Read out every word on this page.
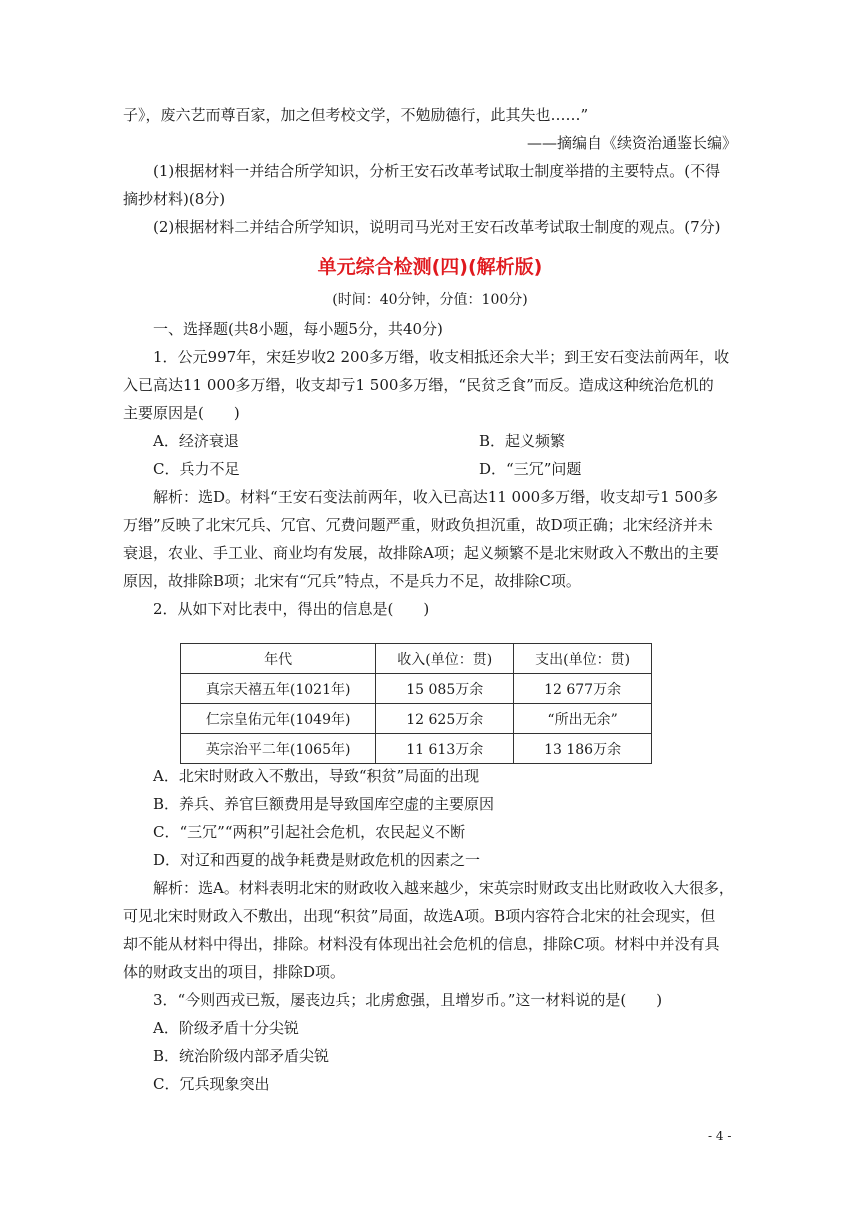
子》，废六艺而尊百家，加之但考校文学，不勉励德行，此其失也……”
——摘编自《续资治通鉴长编》
(1)根据材料一并结合所学知识，分析王安石改革考试取士制度举措的主要特点。(不得
摘抄材料)(8分)
(2)根据材料二并结合所学知识，说明司马光对王安石改革考试取士制度的观点。(7分)
单元综合检测(四)(解析版)
(时间：40分钟，分值：100分)
一、选择题(共8小题，每小题5分，共40分)
1．公元997年，宋廷岁收2 200多万缗，收支相抵还余大半；到王安石变法前两年，收
入已高达11 000多万缗，收支却亏1 500多万缗，“民贫乏食”而反。造成这种统治危机的
主要原因是(　　)
A．经济衰退	B．起义频繁
C．兵力不足	D．“三冗”问题
解析：选D。材料“王安石变法前两年，收入已高达11 000多万缗，收支却亏1 500多
万缗”反映了北宋冗兵、冗官、冗费问题严重，财政负担沉重，故D项正确；北宋经济并未
衰退，农业、手工业、商业均有发展，故排除A项；起义频繁不是北宋财政入不敷出的主要
原因，故排除B项；北宋有“冗兵”特点，不是兵力不足，故排除C项。
2．从如下对比表中，得出的信息是(　　)
年代	收入(单位：贯)	支出(单位：贯)
真宗天禧五年(1021年)	15 085万余	12 677万余
仁宗皇佑元年(1049年)	12 625万余	“所出无余”
英宗治平二年(1065年)	11 613万余	13 186万余
A．北宋时财政入不敷出，导致“积贫”局面的出现
B．养兵、养官巨额费用是导致国库空虚的主要原因
C．“三冗”“两积”引起社会危机，农民起义不断
D．对辽和西夏的战争耗费是财政危机的因素之一
解析：选A。材料表明北宋的财政收入越来越少，宋英宗时财政支出比财政收入大很多，
可见北宋时财政入不敷出，出现“积贫”局面，故选A项。B项内容符合北宋的社会现实，但
却不能从材料中得出，排除。材料没有体现出社会危机的信息，排除C项。材料中并没有具
体的财政支出的项目，排除D项。
3．“今则西戎已叛，屡丧边兵；北虏愈强，且增岁币。”这一材料说的是(　　)
A．阶级矛盾十分尖锐
B．统治阶级内部矛盾尖锐
C．冗兵现象突出
- 4 -
